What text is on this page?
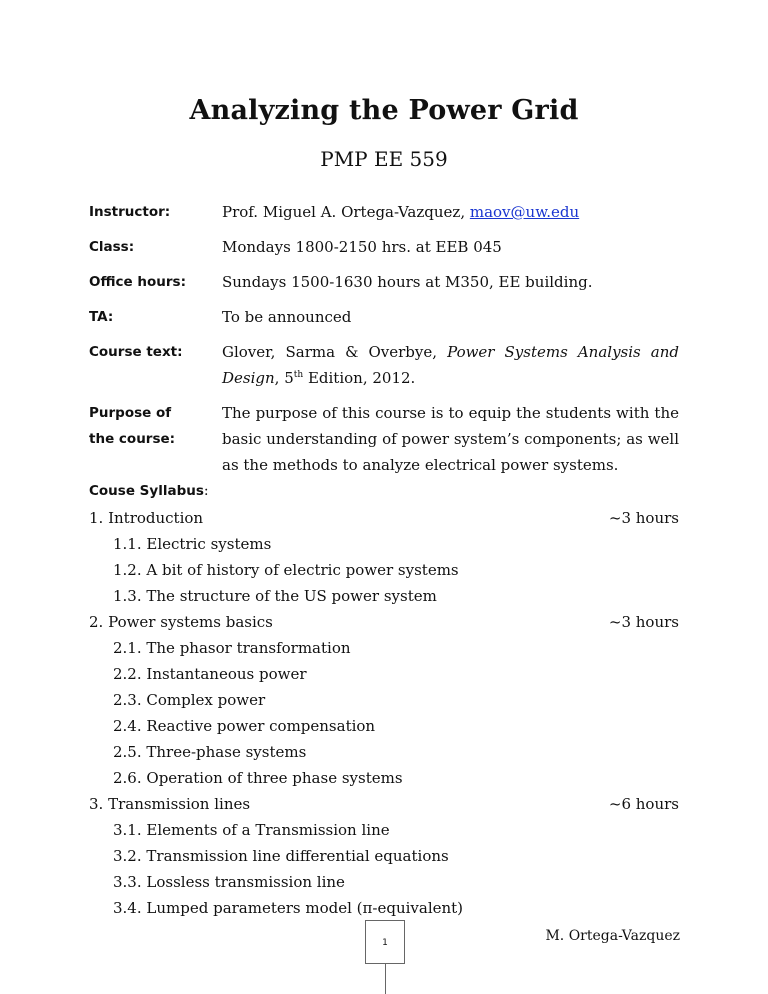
Analyzing the Power Grid
PMP EE 559
Instructor:	Prof. Miguel A. Ortega-Vazquez, maov@uw.edu
Class:	Mondays 1800-2150 hrs. at EEB 045
Office hours:	Sundays 1500-1630 hours at M350, EE building.
TA:	To be announced
Course text:	Glover, Sarma & Overbye, Power Systems Analysis and Design, 5th Edition, 2012.
Purpose of
the course:
The purpose of this course is to equip the students with the basic understanding of power system’s components; as well as the methods to analyze electrical power systems.
Couse Syllabus:
1. Introduction	~3 hours
1.1. Electric systems
1.2. A bit of history of electric power systems
1.3. The structure of the US power system
2. Power systems basics	~3 hours
2.1. The phasor transformation
2.2. Instantaneous power
2.3. Complex power
2.4. Reactive power compensation
2.5. Three-phase systems
2.6. Operation of three phase systems
3. Transmission lines	~6 hours
3.1. Elements of a Transmission line
3.2. Transmission line differential equations
3.3. Lossless transmission line
3.4. Lumped parameters model (π-equivalent)
1	M. Ortega-Vazquez
